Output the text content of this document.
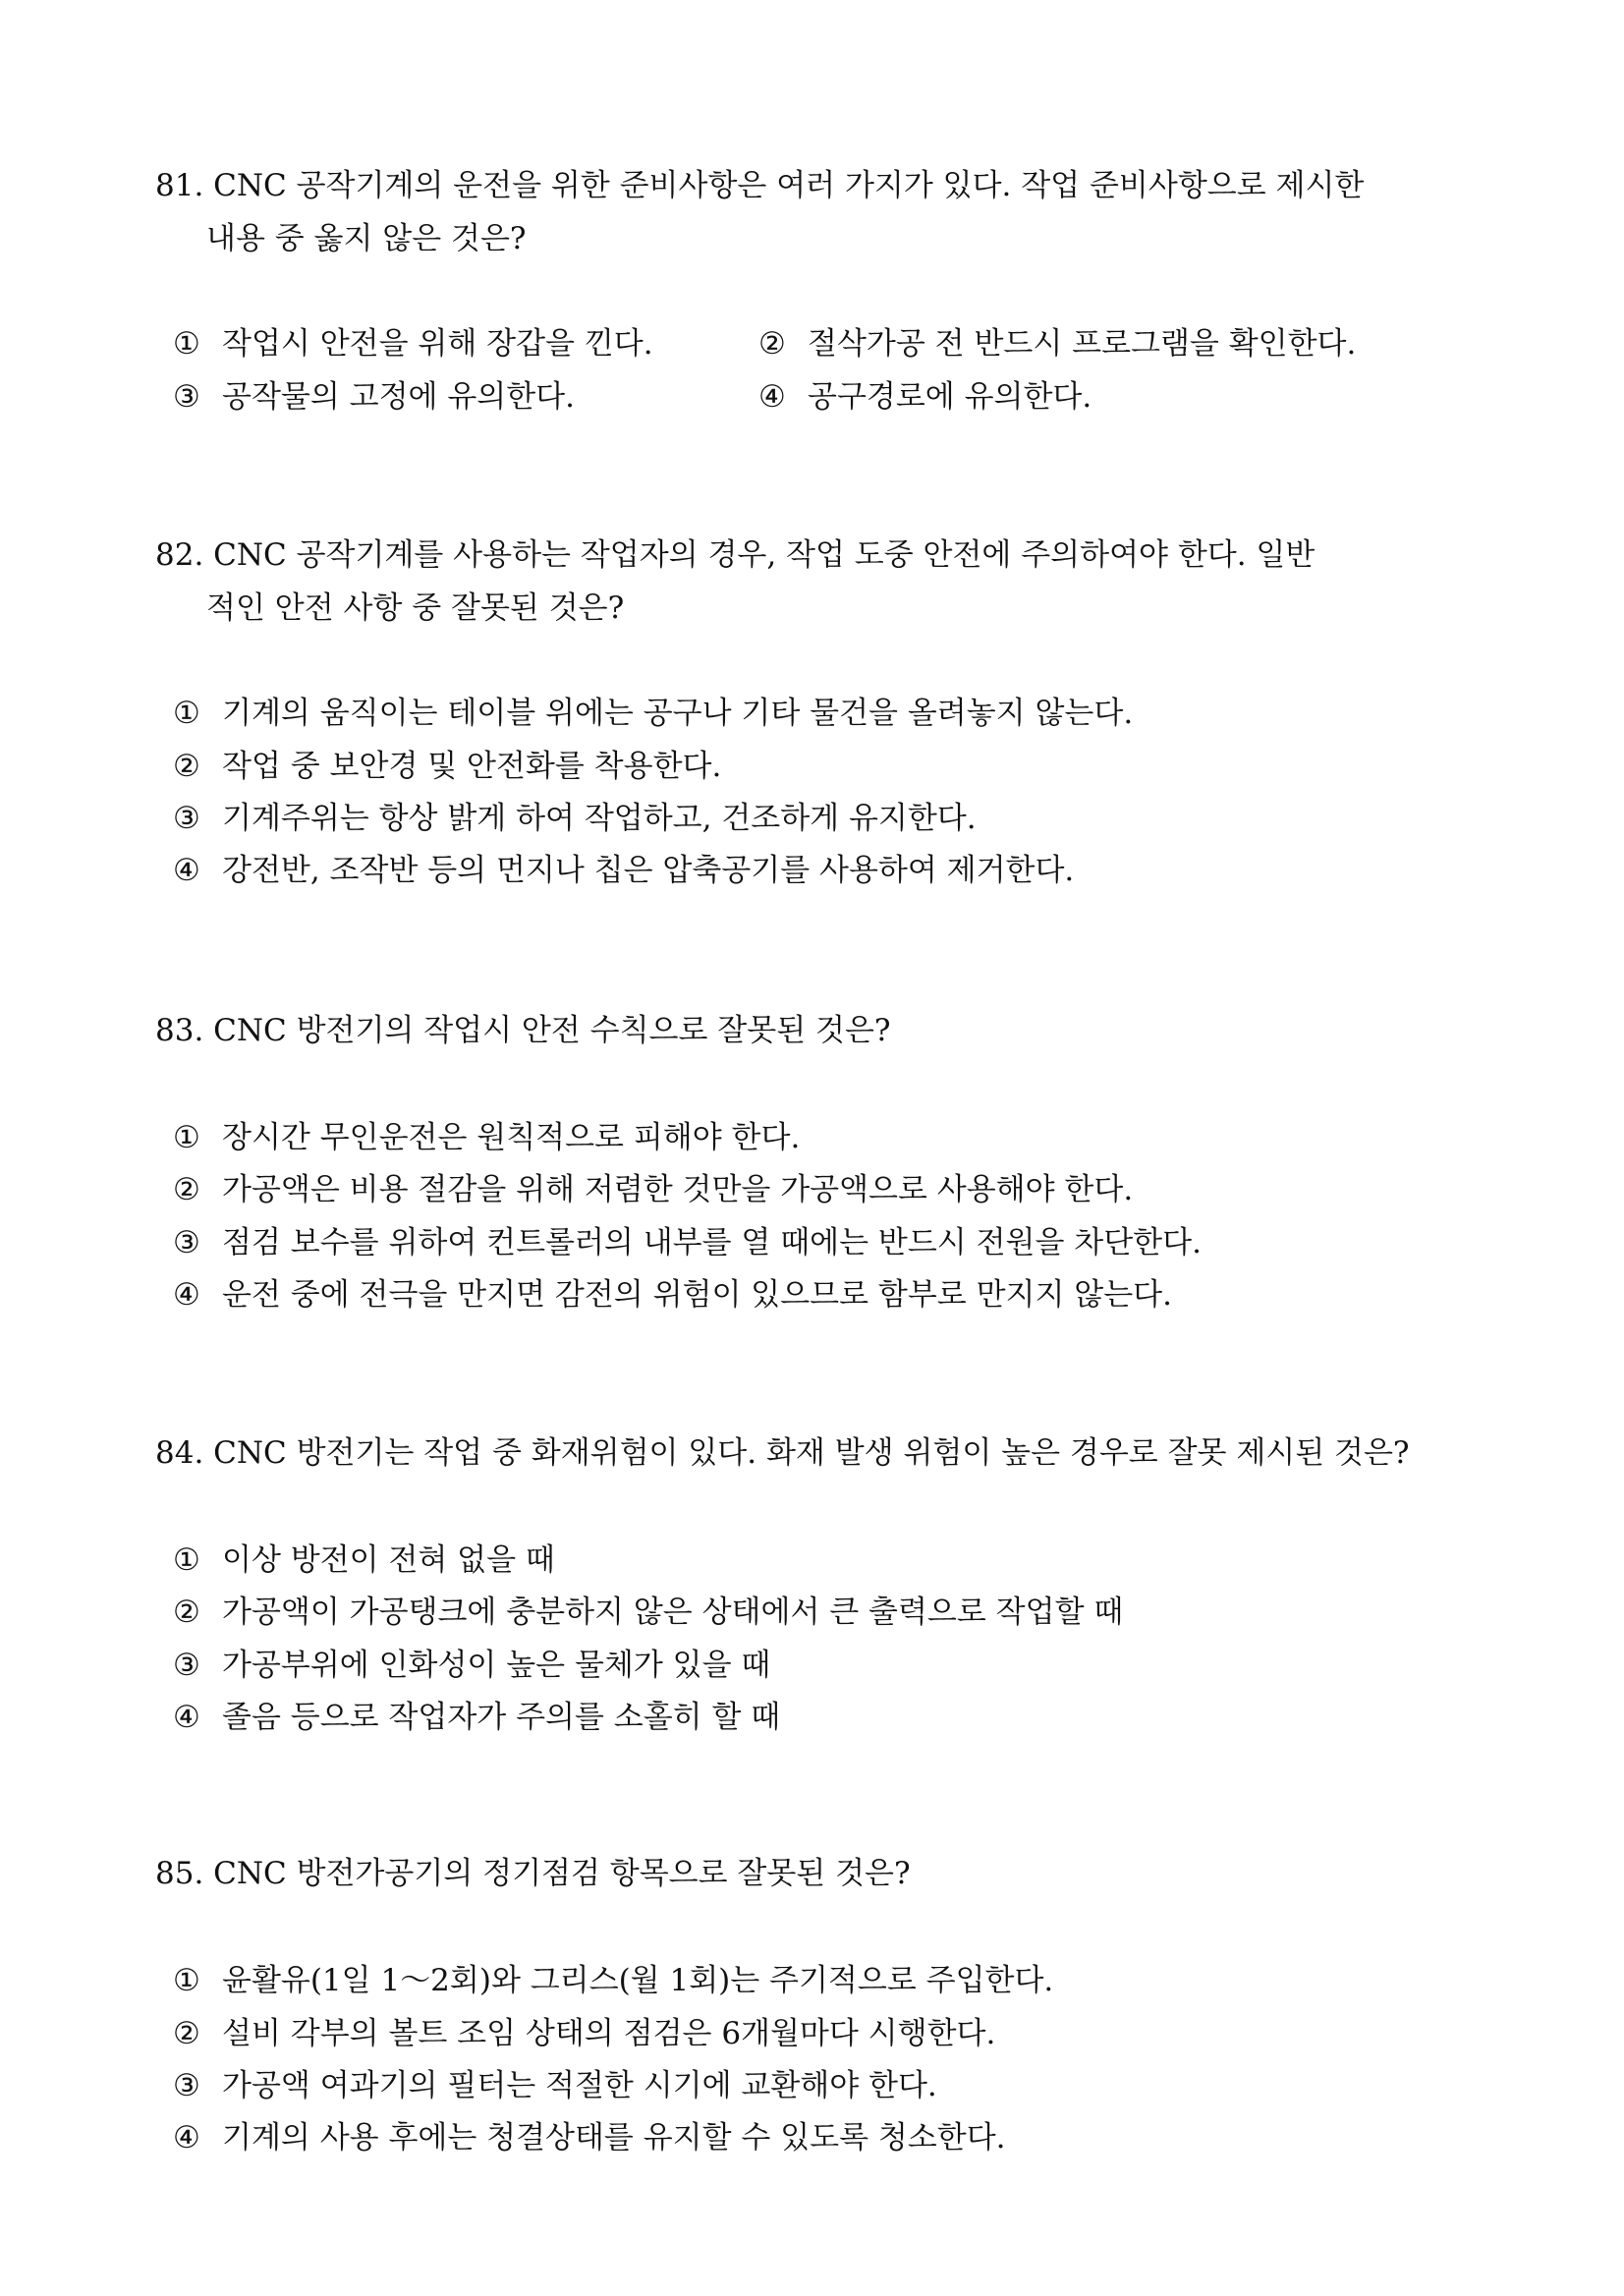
81. CNC 공작기계의 운전을 위한 준비사항은 여러 가지가 있다. 작업 준비사항으로 제시한
내용 중 옳지 않은 것은?
① 작업시 안전을 위해 장갑을 낀다.	② 절삭가공 전 반드시 프로그램을 확인한다.
③ 공작물의 고정에 유의한다.	④ 공구경로에 유의한다.
82. CNC 공작기계를 사용하는 작업자의 경우, 작업 도중 안전에 주의하여야 한다. 일반
적인 안전 사항 중 잘못된 것은?
① 기계의 움직이는 테이블 위에는 공구나 기타 물건을 올려놓지 않는다.
② 작업 중 보안경 및 안전화를 착용한다.
③ 기계주위는 항상 밝게 하여 작업하고, 건조하게 유지한다.
④ 강전반, 조작반 등의 먼지나 칩은 압축공기를 사용하여 제거한다.
83. CNC 방전기의 작업시 안전 수칙으로 잘못된 것은?
① 장시간 무인운전은 원칙적으로 피해야 한다.
② 가공액은 비용 절감을 위해 저렴한 것만을 가공액으로 사용해야 한다.
③ 점검 보수를 위하여 컨트롤러의 내부를 열 때에는 반드시 전원을 차단한다.
④ 운전 중에 전극을 만지면 감전의 위험이 있으므로 함부로 만지지 않는다.
84. CNC 방전기는 작업 중 화재위험이 있다. 화재 발생 위험이 높은 경우로 잘못 제시된 것은?
① 이상 방전이 전혀 없을 때
② 가공액이 가공탱크에 충분하지 않은 상태에서 큰 출력으로 작업할 때
③ 가공부위에 인화성이 높은 물체가 있을 때
④ 졸음 등으로 작업자가 주의를 소홀히 할 때
85. CNC 방전가공기의 정기점검 항목으로 잘못된 것은?
① 윤활유(1일 1～2회)와 그리스(월 1회)는 주기적으로 주입한다.
② 설비 각부의 볼트 조임 상태의 점검은 6개월마다 시행한다.
③ 가공액 여과기의 필터는 적절한 시기에 교환해야 한다.
④ 기계의 사용 후에는 청결상태를 유지할 수 있도록 청소한다.
